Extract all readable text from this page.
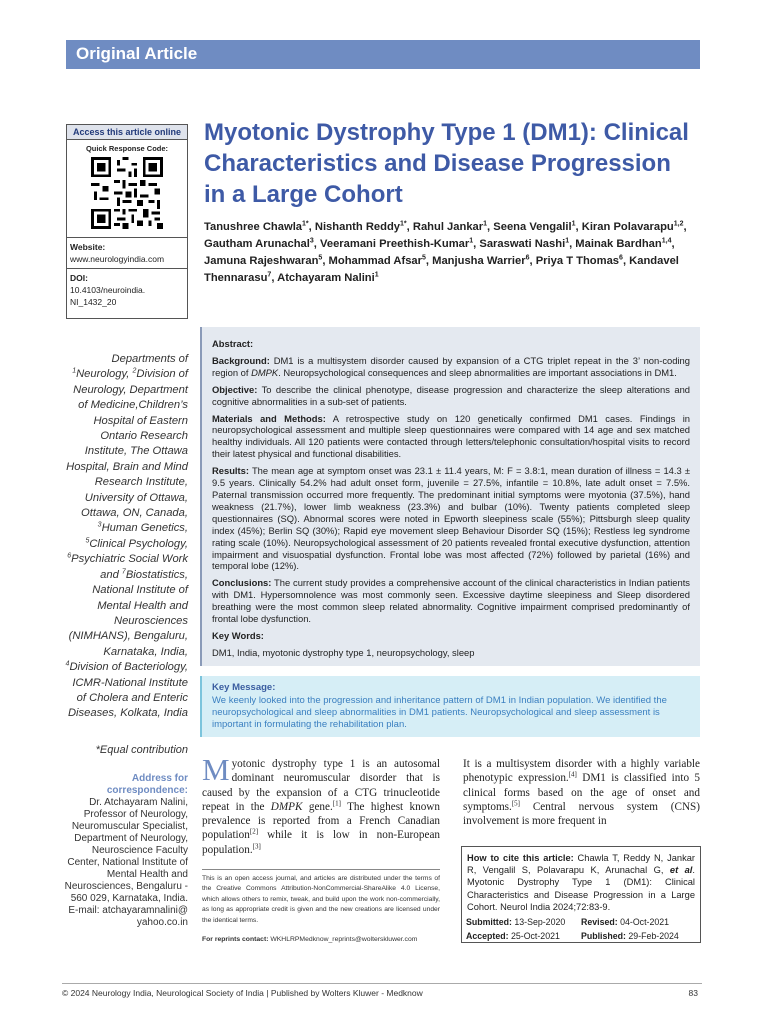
Original Article
Access this article online
Quick Response Code:
Website:
www.neurologyindia.com
DOI:
10.4103/neuroindia.
NI_1432_20
Myotonic Dystrophy Type 1 (DM1): Clinical Characteristics and Disease Progression in a Large Cohort
Tanushree Chawla$^{1*}$, Nishanth Reddy$^{1*}$, Rahul Jankar$^1$, Seena Vengalil$^1$, Kiran Polavarapu$^{1,2}$, Gautham Arunachal$^3$, Veeramani Preethish-Kumar$^1$, Saraswati Nashi$^1$, Mainak Bardhan$^{1,4}$, Jamuna Rajeshwaran$^5$, Mohammad Afsar$^5$, Manjusha Warrier$^6$, Priya T Thomas$^6$, Kandavel Thennarasu$^7$, Atchayaram Nalini$^1$
Departments of $^1$Neurology, $^2$Division of Neurology, Department of Medicine,Children’s Hospital of Eastern Ontario Research Institute, The Ottawa Hospital, Brain and Mind Research Institute, University of Ottawa, Ottawa, ON, Canada, $^3$Human Genetics, $^5$Clinical Psychology, $^6$Psychiatric Social Work and $^7$Biostatistics, National Institute of Mental Health and Neurosciences (NIMHANS), Bengaluru, Karnataka, India, $^4$Division of Bacteriology, ICMR-National Institute of Cholera and Enteric Diseases, Kolkata, India
*Equal contribution
Address for
correspondence:
Dr. Atchayaram Nalini, Professor of Neurology, Neuromuscular Specialist, Department of Neurology, Neuroscience Faculty Center, National Institute of Mental Health and Neurosciences, Bengaluru - 560 029, Karnataka, India. E-mail: atchayaramnalini@ yahoo.co.in

Abstract:

Background: DM1 is a multisystem disorder caused by expansion of a CTG triplet repeat in the 3’ non-coding region of DMPK. Neuropsychological consequences and sleep abnormalities are important associations in DM1.

Objective: To describe the clinical phenotype, disease progression and characterize the sleep alterations and cognitive abnormalities in a sub-set of patients.

Materials and Methods: A retrospective study on 120 genetically confirmed DM1 cases. Findings in neuropsychological assessment and multiple sleep questionnaires were compared with 14 age and sex matched healthy individuals. All 120 patients were contacted through letters/telephonic consultation/hospital visits to record their latest physical and functional disabilities.

Results: The mean age at symptom onset was 23.1 ± 11.4 years, M: F = 3.8:1, mean duration of illness = 14.3 ± 9.5 years. Clinically 54.2% had adult onset form, juvenile = 27.5%, infantile = 10.8%, late adult onset = 7.5%. Paternal transmission occurred more frequently. The predominant initial symptoms were myotonia (37.5%), hand weakness (21.7%), lower limb weakness (23.3%) and bulbar (10%). Twenty patients completed sleep questionnaires (SQ). Abnormal scores were noted in Epworth sleepiness scale (55%); Pittsburgh sleep quality index (45%); Berlin SQ (30%); Rapid eye movement sleep Behaviour Disorder SQ (15%); Restless leg syndrome rating scale (10%). Neuropsychological assessment of 20 patients revealed frontal executive dysfunction, attention impairment and visuospatial dysfunction. Frontal lobe was most affected (72%) followed by parietal (16%) and temporal lobe (12%).

Conclusions: The current study provides a comprehensive account of the clinical characteristics in Indian patients with DM1. Hypersomnolence was most commonly seen. Excessive daytime sleepiness and Sleep disordered breathing were the most common sleep related abnormality. Cognitive impairment comprised predominantly of frontal lobe dysfunction.

Key Words:

DM1, India, myotonic dystrophy type 1, neuropsychology, sleep

Key Message:
We keenly looked into the progression and inheritance pattern of DM1 in Indian population. We identified the neuropsychological and sleep abnormalities in DM1 patients. Neuropsychological and sleep assessment is important in formulating the rehabilitation plan.
Myotonic dystrophy type 1 is an autosomal dominant neuromuscular disorder that is caused by the expansion of a CTG trinucleotide repeat in the DMPK gene.[1] The highest known prevalence is reported from a French Canadian population[2] while it is low in non-European population.[3]
It is a multisystem disorder with a highly variable phenotypic expression.[4] DM1 is classified into 5 clinical forms based on the age of onset and symptoms.[5] Central nervous system (CNS) involvement is more frequent in
This is an open access journal, and articles are distributed under the terms of the Creative Commons Attribution-NonCommercial-ShareAlike 4.0 License, which allows others to remix, tweak, and build upon the work non-commercially, as long as appropriate credit is given and the new creations are licensed under the identical terms.
For reprints contact: WKHLRPMedknow_reprints@wolterskluwer.com
How to cite this article: Chawla T, Reddy N, Jankar R, Vengalil S, Polavarapu K, Arunachal G, et al. Myotonic Dystrophy Type 1 (DM1): Clinical Characteristics and Disease Progression in a Large Cohort. Neurol India 2024;72:83-9.
Submitted: 13-Sep-2020	Revised: 04-Oct-2021
Accepted: 25-Oct-2021	Published: 29-Feb-2024
© 2024 Neurology India, Neurological Society of India | Published by Wolters Kluwer - Medknow	83
